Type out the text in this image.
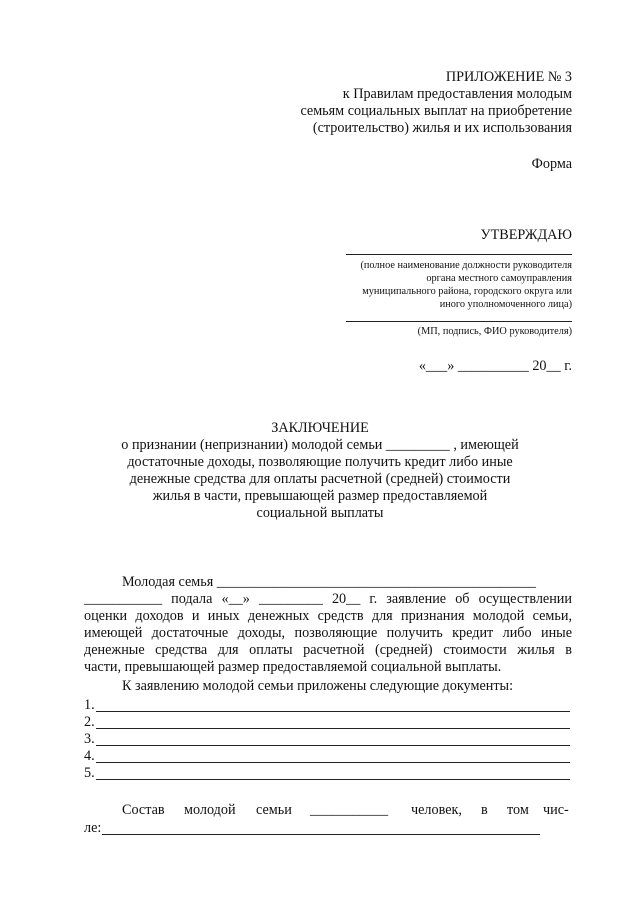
ПРИЛОЖЕНИЕ № 3
к Правилам предоставления молодым
семьям социальных выплат на приобретение
(строительство) жилья и их использования
Форма
УТВЕРЖДАЮ
(полное наименование должности руководителя
органа местного самоуправления
муниципального района, городского округа или
иного уполномоченного лица)
(МП, подпись, ФИО руководителя)
«___» __________ 20__ г.
ЗАКЛЮЧЕНИЕ
о признании (непризнании) молодой семьи _________ , имеющей
достаточные доходы, позволяющие получить кредит либо иные
денежные средства для оплаты расчетной (средней) стоимости
жилья в части, превышающей размер предоставляемой
социальной выплаты
Молодая семья _____________________________________________
___________ подала «__» _________ 20__ г. заявление об осуществлении
оценки доходов и иных денежных средств для признания молодой семьи,
имеющей достаточные доходы, позволяющие получить кредит либо иные
денежные средства для оплаты расчетной (средней) стоимости жилья в
части, превышающей размер предоставляемой социальной выплаты.
К заявлению молодой семьи приложены следующие документы:
1.
2.
3.
4.
5.
Состав молодой семьи ___________ человек, в том чис-
ле:
